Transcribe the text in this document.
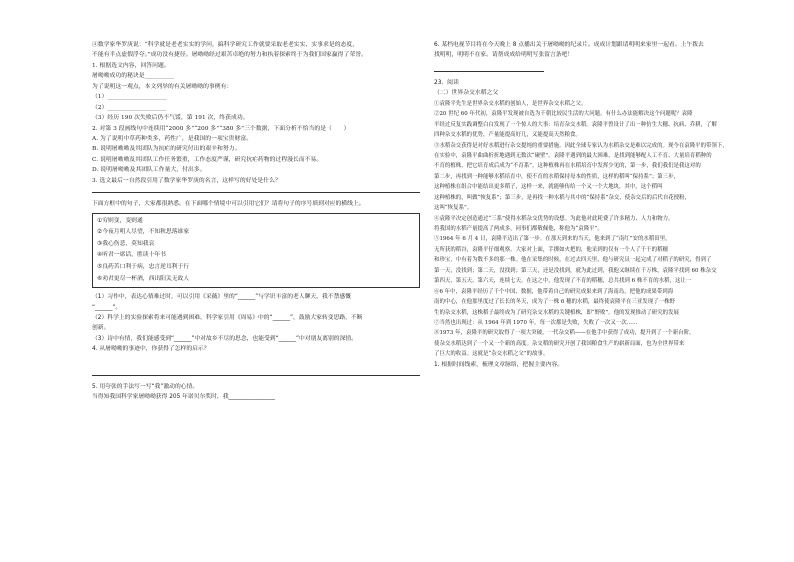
④数学家华罗庚说：“科学就是老老实实的学问，搞科学研究工作就要采取老老实实、实事求是的态度，
不能有半点虚假浮夸。”成功没有捷径。屠呦呦经过艰苦卓绝的努力和执着探索终于为我们国家赢得了荣誉。
1. 根据选文内容，回答问题。
屠呦呦成功的秘诀是__________
为了说明这一观点，本文列举的有关屠呦呦的事例有：
（1）____________________
（2）____________________
（3）经历 190 次失败后仍不气馁，第 191 次，终获成功。
2. 对第 3 段画线句中连续用“2000 多”“200 多”“380 多”三个数据，下面分析不恰当的是（　　）
A. 为了说明中草药种类多，药性广，是我国的一项宝贵财富。
B. 说明屠呦呦及其团队为抗疟的研究付出的艰辛和努力。
C. 说明屠呦呦及其团队工作任务繁重，工作态度严谨，研究抗疟药物的过程漫长而不易。
D. 说明屠呦呦及其团队工作量大，付出多。
3. 选文最后一自然段引用了数学家华罗庚的名言，这样写的好处是什么？
下面方框中的句子，大家都很熟悉。在下面哪个情境中可以引用它们？请将句子的序号填到对应的横线上。
①穷则变，变则通
②今夜月明人尽望，不知秋思落谁家
③我心伤悲，莫知我哀
④听君一席话，胜读十年书
⑤良药苦口利于病，忠言逆耳利于行
⑥劝君更尽一杯酒，西出阳关无故人
（1）习作中，表达心情难过时，可以引用《采薇》里的“______”与学识丰富的老人聊天，我不禁感慨
“______”。
（2）科学上的实验探索将来可能遇到困难，科学家引用《周易》中的“______”，鼓励大家转变思路，不断
创新。
（3）诗中有情，我们能感受到“______”中对故乡不尽的思念，也能受到“______”中对朋友离别的深情。
4. 从屠呦呦的事迹中，你获得了怎样的启示？
5. 用夸张的手法写一写“我”激动的心情。
当得知我国科学家屠呦呦获得 205 年诺贝尔奖时，我________________
6. 某档电视节目将在今天晚上 8 点播出关于屠呦呦的纪录片。成成计划跟请明明来家里一起看。上午拨去
找明明，明明不在家。请帮成成给明明写张留言条吧！
23．阅读
（二）世界杂交水稻之父
①袁隆平先生是世界杂交水稻的创始人，是世界杂交水稻之父。
②20 世纪 60 年代初，袁隆平发现被自选为千朝比较民生活的大问题。有什么办法能解决这个问题呢？袁隆
平经过反复实践调整白白发现了一个惊人的大事：培育杂交水稻。袁隆平曾设计了出一种仿生大穗、抗病、乔耕，了解
四种杂交水稻的优势，产量能提高好几，又能提高天然粮食。
③水稻杂交获得是对好水稻进行杂交提纯的重要措施。因此全球专家认为水稻杂交是难以完成的。现今在袁隆平的带领下，
在实验中，袁隆平曲曲折折地遇到无数次“碰壁”。袁隆平遇到的最大困难，是找到能够配人工不育、大量培育稻种的
不育的植株。把它培育成后成为“不育系”，这种植株再在水稻培育中发挥少见的，第一步，我们我们是我这对的
第二步，再找到一种能够水稻培育中，使不育的水稻保持母本的性质，这样的稻叫“保持系”；第三步，
这种植株在组合中能结出更多稻子，这样一来，就能够传给一个又一个大地块，其中，这个稻叫
这种植株的，叫做“恢复系”；第三步，是再找一种水稻与其中的“保持系”杂交，使杂交后的后代自花授粉，
这叫“恢复系”。
④袁隆平决定创造通过“三系”使得水稻杂交优势的设想。为此他对此耗费了许多精力、人力和物力。
将我国的水稻产量提高了两成多，同事们都敬佩他，称他为“袁隆平”。
⑤1964 年 6 月 4 日，袁隆平迈出了第一步。在那天到来的当天，他来到了“南红”安的水稻田里，
无所获的稻谷，袁隆平仔细观察。大家对上面，手掷如火把的，他采到的仅有一个人了千千的稻穗
和珍宝，中有着为数不多的那一株。他在采集的时候，在过去四天里，他与研究员一起完成了对稻子的研究，得到了
第一天，没找到；第二天，没找到；第三天，还是没找到，就为此过到，我他又继续在千万株，袁隆平找到 60 株杂交
第四天，第五天，第六天，连续七天。在这之中，他发现了不育的稻穗，总共找到 6 株不育的水稻，这让一
⑥6 年中，袁隆平经历了千个中国、数据，他带着自己的研究成果来到了海南岛，把他的成果带到海
南的中心，在他那里度过了长长的冬天，成为了一株 6 穗的水稻，最终使袁隆平在三亚发现了一株野
生的杂交水稻，这株稻子最终成为了研究杂交水稻的关键植株，即“野败”。他的发现推动了研究的发展
⑦当然也出现过：从 1964 年到 1970 年，每一次都是失败，失败了一次又一次……
⑧1973 年，袁隆平的研究取得了一项大突破，一代杂交稻——在他手中获得了成功，提升到了一个新台阶，
使杂交水稻达到了一个又一个新的高度。杂交稻的研究开创了我国粮食生产的崭新局面，也为全世界带来
了巨大的收益。这就是“杂交水稻之父”的故事。
1. 根据时间线索，梳理文章脉络，把握主要内容。
